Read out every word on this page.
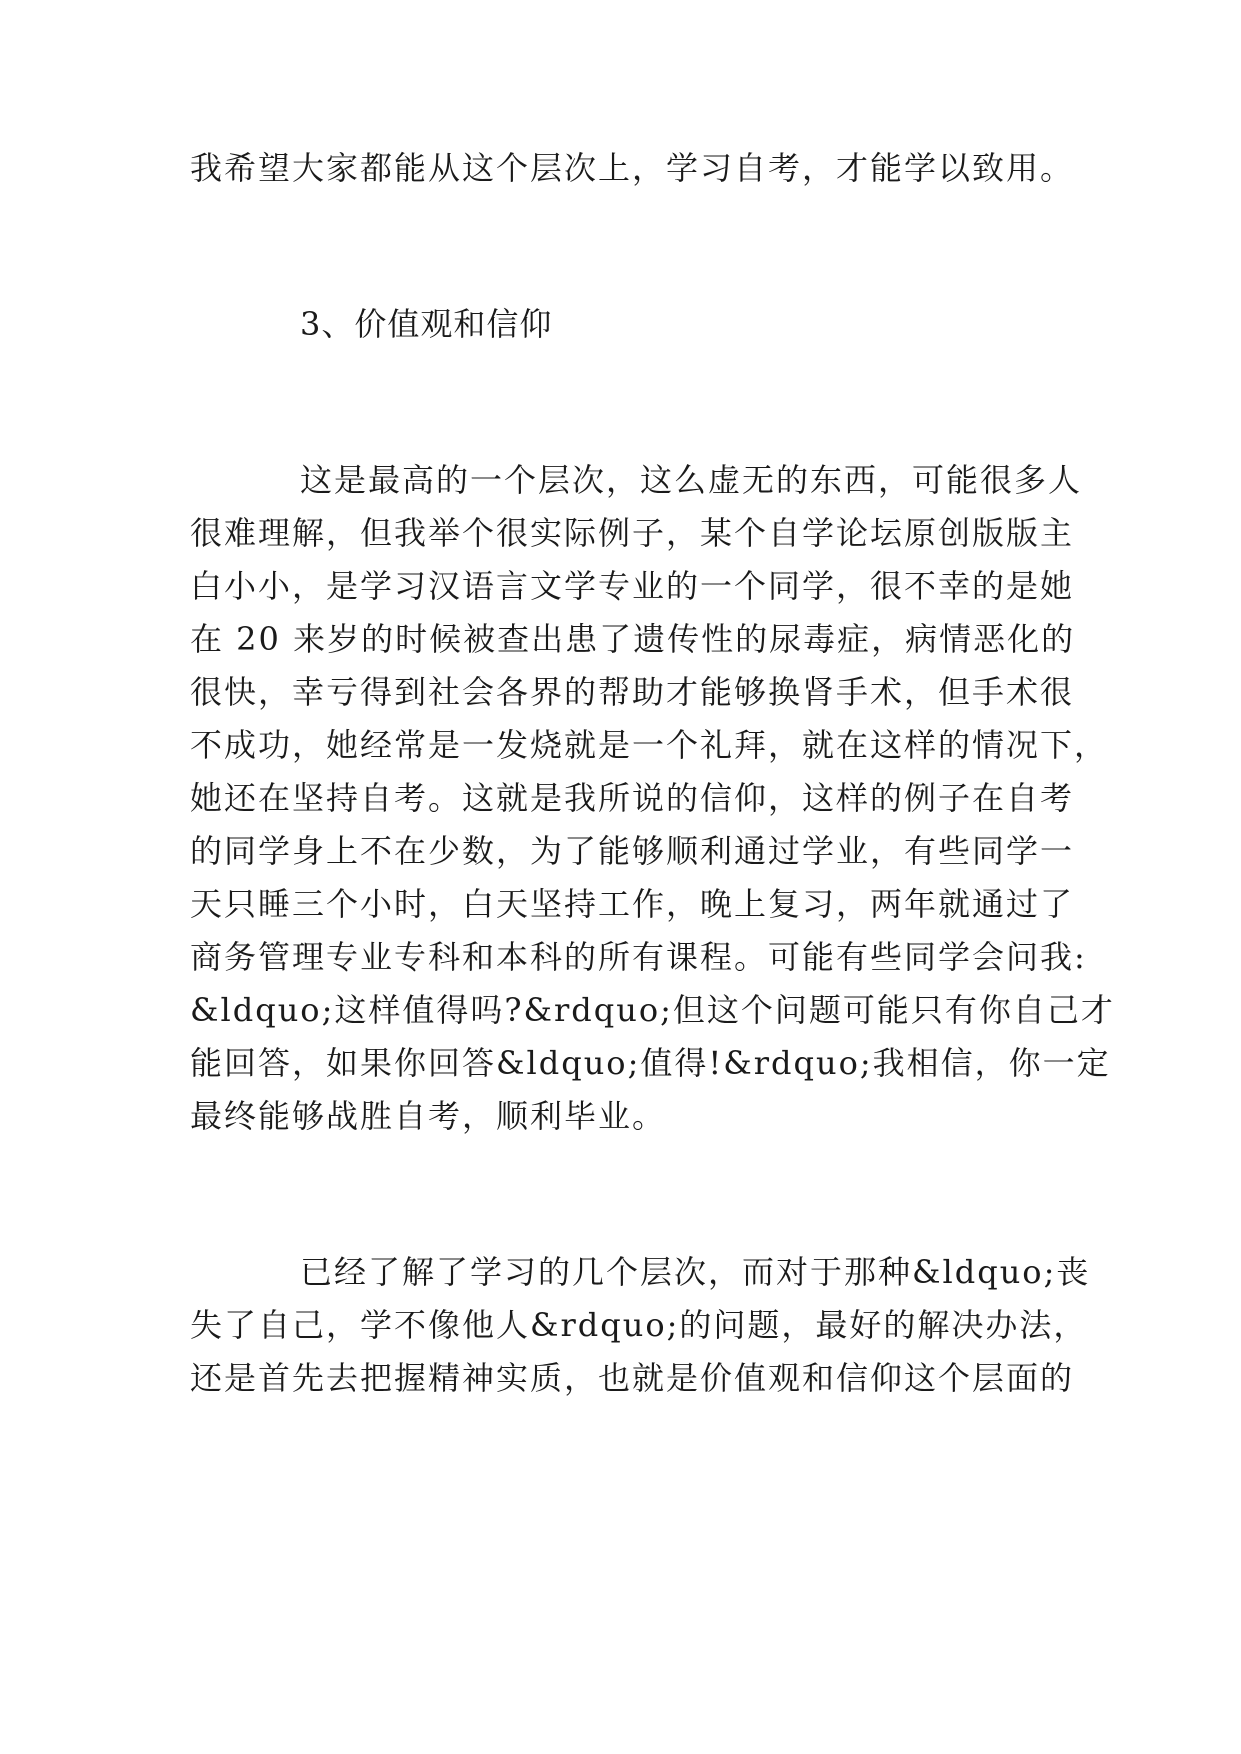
我希望大家都能从这个层次上，学习自考，才能学以致用。
3、价值观和信仰
这是最高的一个层次，这么虚无的东西，可能很多人
很难理解，但我举个很实际例子，某个自学论坛原创版版主
白小小，是学习汉语言文学专业的一个同学，很不幸的是她
在 20 来岁的时候被查出患了遗传性的尿毒症，病情恶化的
很快，幸亏得到社会各界的帮助才能够换肾手术，但手术很
不成功，她经常是一发烧就是一个礼拜，就在这样的情况下，
她还在坚持自考。这就是我所说的信仰，这样的例子在自考
的同学身上不在少数，为了能够顺利通过学业，有些同学一
天只睡三个小时，白天坚持工作，晚上复习，两年就通过了
商务管理专业专科和本科的所有课程。可能有些同学会问我:
&ldquo;这样值得吗?&rdquo;但这个问题可能只有你自己才
能回答，如果你回答&ldquo;值得!&rdquo;我相信，你一定
最终能够战胜自考，顺利毕业。
已经了解了学习的几个层次，而对于那种&ldquo;丧
失了自己，学不像他人&rdquo;的问题，最好的解决办法，
还是首先去把握精神实质，也就是价值观和信仰这个层面的
